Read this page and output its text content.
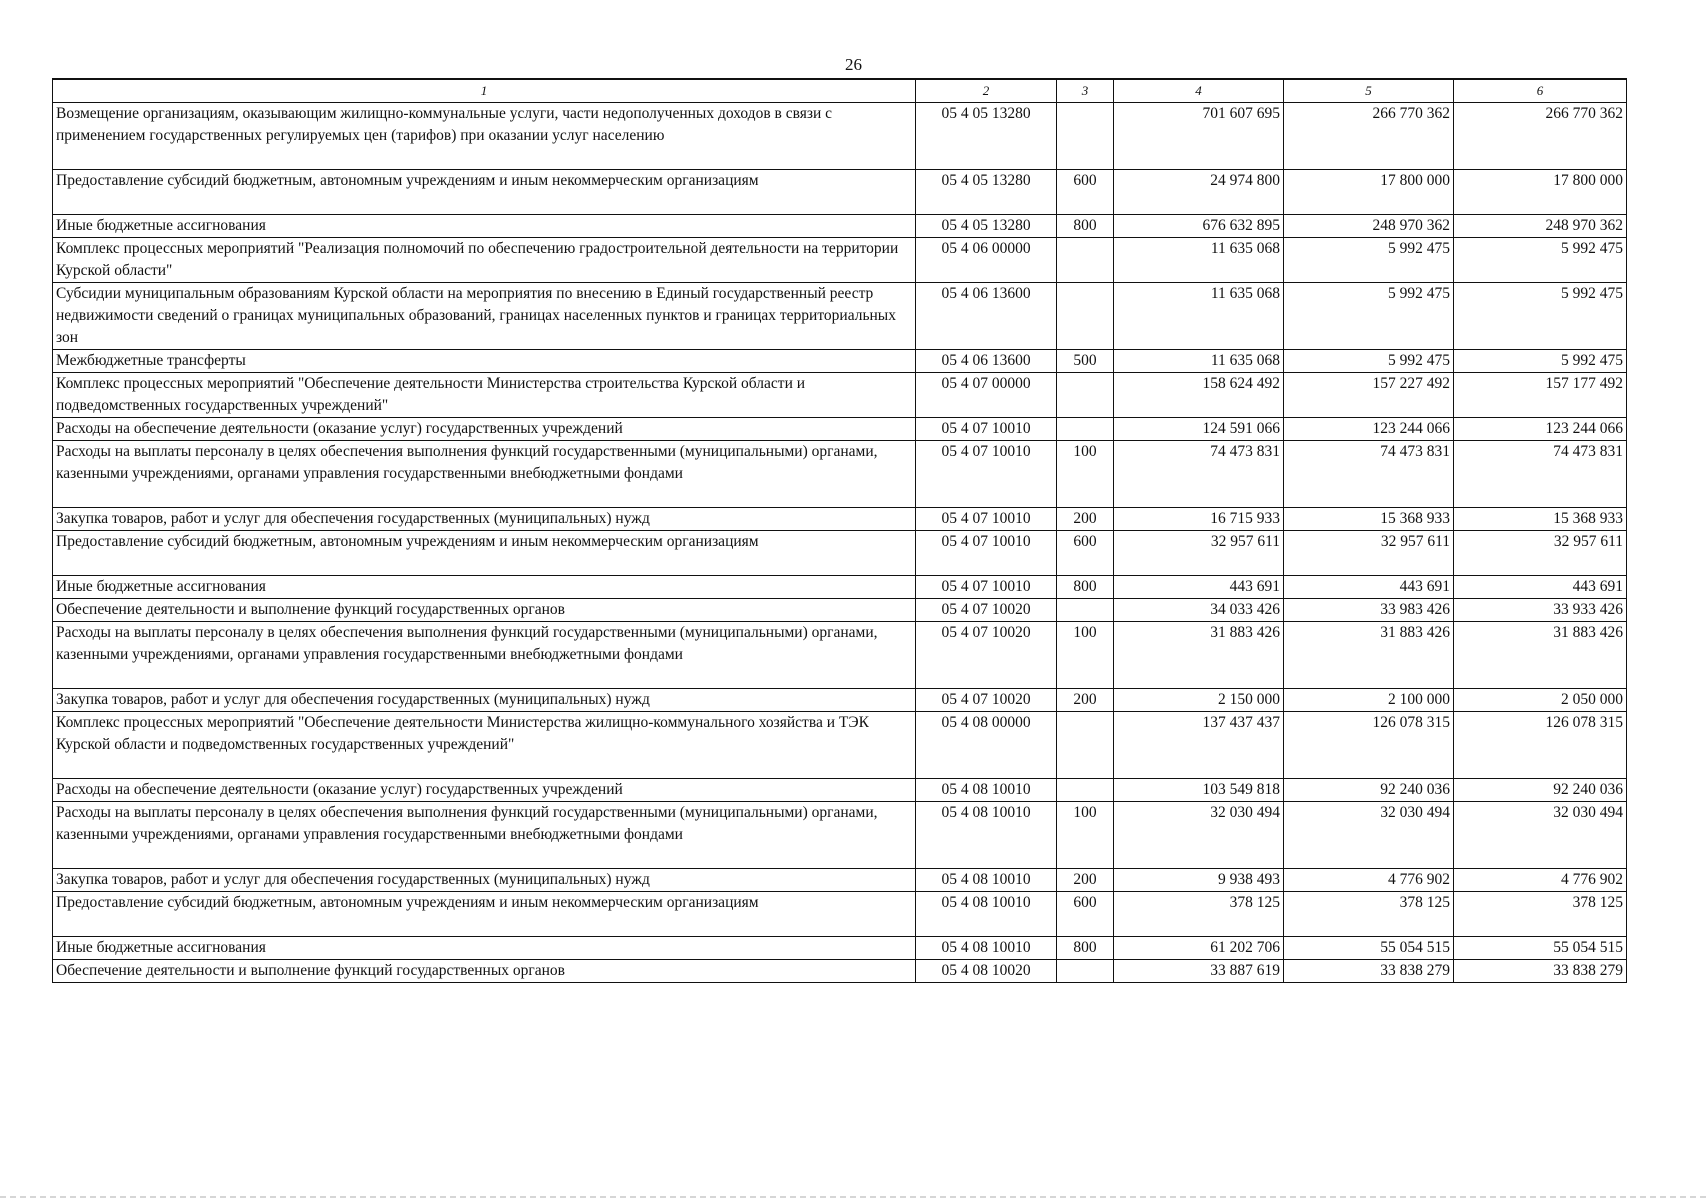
26
1	2	3	4	5	6
Возмещение организациям, оказывающим жилищно-коммунальные услуги, части недополученных доходов в связи с применением государственных регулируемых цен (тарифов) при оказании услуг населению	05 4 05 13280		701 607 695	266 770 362	266 770 362
Предоставление субсидий бюджетным, автономным учреждениям и иным некоммерческим организациям	05 4 05 13280	600	24 974 800	17 800 000	17 800 000
Иные бюджетные ассигнования	05 4 05 13280	800	676 632 895	248 970 362	248 970 362
Комплекс процессных мероприятий "Реализация полномочий по обеспечению градостроительной деятельности на территории Курской области"	05 4 06 00000		11 635 068	5 992 475	5 992 475
Субсидии муниципальным образованиям Курской области на мероприятия по внесению в Единый государственный реестр недвижимости сведений о границах муниципальных образований, границах населенных пунктов и границах территориальных зон	05 4 06 13600		11 635 068	5 992 475	5 992 475
Межбюджетные трансферты	05 4 06 13600	500	11 635 068	5 992 475	5 992 475
Комплекс процессных мероприятий "Обеспечение деятельности Министерства строительства Курской области и подведомственных государственных учреждений"	05 4 07 00000		158 624 492	157 227 492	157 177 492
Расходы на обеспечение деятельности (оказание услуг) государственных учреждений	05 4 07 10010		124 591 066	123 244 066	123 244 066
Расходы на выплаты персоналу в целях обеспечения выполнения функций государственными (муниципальными) органами, казенными учреждениями, органами управления государственными внебюджетными фондами	05 4 07 10010	100	74 473 831	74 473 831	74 473 831
Закупка товаров, работ и услуг для обеспечения государственных (муниципальных) нужд	05 4 07 10010	200	16 715 933	15 368 933	15 368 933
Предоставление субсидий бюджетным, автономным учреждениям и иным некоммерческим организациям	05 4 07 10010	600	32 957 611	32 957 611	32 957 611
Иные бюджетные ассигнования	05 4 07 10010	800	443 691	443 691	443 691
Обеспечение деятельности и выполнение функций государственных органов	05 4 07 10020		34 033 426	33 983 426	33 933 426
Расходы на выплаты персоналу в целях обеспечения выполнения функций государственными (муниципальными) органами, казенными учреждениями, органами управления государственными внебюджетными фондами	05 4 07 10020	100	31 883 426	31 883 426	31 883 426
Закупка товаров, работ и услуг для обеспечения государственных (муниципальных) нужд	05 4 07 10020	200	2 150 000	2 100 000	2 050 000
Комплекс процессных мероприятий "Обеспечение деятельности Министерства жилищно-коммунального хозяйства и ТЭК Курской области и подведомственных государственных учреждений"	05 4 08 00000		137 437 437	126 078 315	126 078 315
Расходы на обеспечение деятельности (оказание услуг) государственных учреждений	05 4 08 10010		103 549 818	92 240 036	92 240 036
Расходы на выплаты персоналу в целях обеспечения выполнения функций государственными (муниципальными) органами, казенными учреждениями, органами управления государственными внебюджетными фондами	05 4 08 10010	100	32 030 494	32 030 494	32 030 494
Закупка товаров, работ и услуг для обеспечения государственных (муниципальных) нужд	05 4 08 10010	200	9 938 493	4 776 902	4 776 902
Предоставление субсидий бюджетным, автономным учреждениям и иным некоммерческим организациям	05 4 08 10010	600	378 125	378 125	378 125
Иные бюджетные ассигнования	05 4 08 10010	800	61 202 706	55 054 515	55 054 515
Обеспечение деятельности и выполнение функций государственных органов	05 4 08 10020		33 887 619	33 838 279	33 838 279
